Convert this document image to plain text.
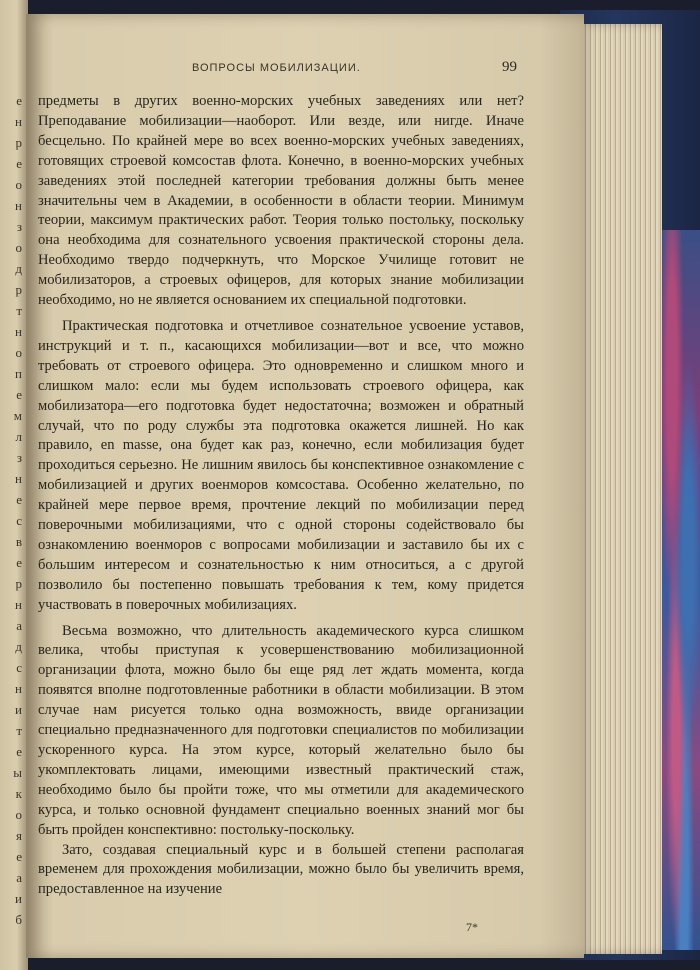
е
н
р
е
о
н
з
о
д
р
т
н
о
п
е
м
л
з
н
е
с
в
е
р
н
а
д
с
н
и
т
е
ы
к
о
я
е
а
и
б
ВОПРОСЫ МОБИЛИЗАЦИИ.	99

предметы в других военно-морских учебных заведениях или нет? Преподавание мобилизации—наоборот. Или везде, или нигде. Иначе бесцельно. По крайней мере во всех военно-морских учебных заведениях, готовящих строевой комсостав флота. Конечно, в военно-морских учебных заведениях этой последней категории требования должны быть менее значительны чем в Академии, в особенности в области теории. Минимум теории, максимум практических работ. Теория только постольку, поскольку она необходима для сознательного усвоения практической стороны дела. Необходимо твердо подчеркнуть, что Морское Училище готовит не мобилизаторов, а строевых офицеров, для которых знание мобилизации необходимо, но не является основанием их специальной подготовки.

Практическая подготовка и отчетливое сознательное усвоение уставов, инструкций и т. п., касающихся мобилизации—вот и все, что можно требовать от строевого офицера. Это одновременно и слишком много и слишком мало: если мы будем использовать строевого офицера, как мобилизатора—его подготовка будет недостаточна; возможен и обратный случай, что по роду службы эта подготовка окажется лишней. Но как правило, en masse, она будет как раз, конечно, если мобилизация будет проходиться серьезно. Не лишним явилось бы конспективное ознакомление с мобилизацией и других военморов комсостава. Особенно желательно, по крайней мере первое время, прочтение лекций по мобилизации перед поверочными мобилизациями, что с одной стороны содействовало бы ознакомлению военморов с вопросами мобилизации и заставило бы их с большим интересом и сознательностью к ним относиться, а с другой позволило бы постепенно повышать требования к тем, кому придется участвовать в поверочных мобилизациях.

Весьма возможно, что длительность академического курса слишком велика, чтобы приступая к усовершенствованию мобилизационной организации флота, можно было бы еще ряд лет ждать момента, когда появятся вполне подготовленные работники в области мобилизации. В этом случае нам рисуется только одна возможность, ввиде организации специально предназначенного для подготовки специалистов по мобилизации ускоренного курса. На этом курсе, который желательно было бы укомплектовать лицами, имеющими известный практический стаж, необходимо было бы пройти тоже, что мы отметили для академического курса, и только основной фундамент специально военных знаний мог бы быть пройден конспективно: постольку-поскольку.

Зато, создавая специальный курс и в большей степени располагая временем для прохождения мобилизации, можно было бы увеличить время, предоставленное на изучение

7*
